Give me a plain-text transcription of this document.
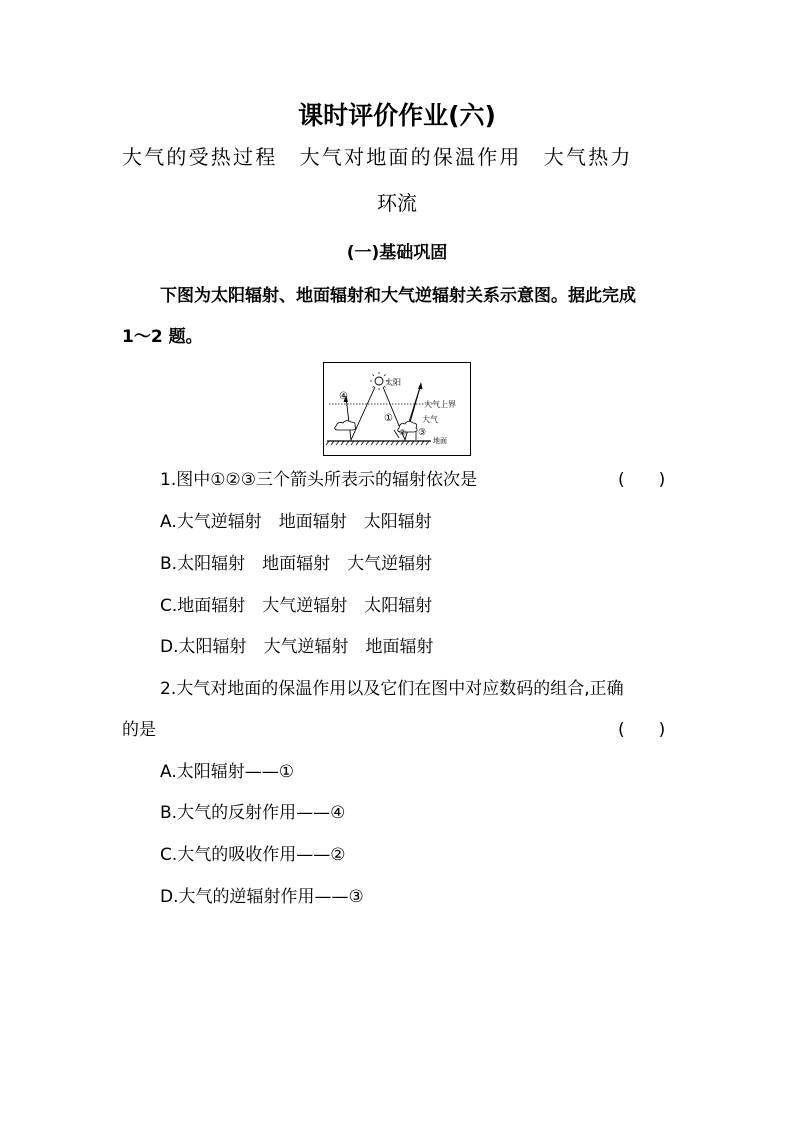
课时评价作业(六)
大气的受热过程　大气对地面的保温作用　大气热力
环流
(一)基础巩固
下图为太阳辐射、地面辐射和大气逆辐射关系示意图。据此完成
1～2 题。
太阳
大气上界
大气
地面
①
② ③
④
1.图中①②③三个箭头所表示的辐射依次是	(　　)
A.大气逆辐射　地面辐射　太阳辐射
B.太阳辐射　地面辐射　大气逆辐射
C.地面辐射　大气逆辐射　太阳辐射
D.太阳辐射　大气逆辐射　地面辐射
2.大气对地面的保温作用以及它们在图中对应数码的组合,正确
的是	(　　)
A.太阳辐射——①
B.大气的反射作用——④
C.大气的吸收作用——②
D.大气的逆辐射作用——③
